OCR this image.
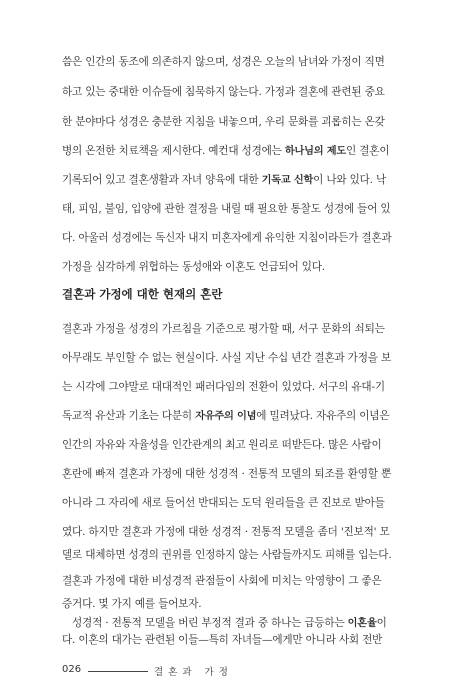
씀은 인간의 동조에 의존하지 않으며, 성경은 오늘의 남녀와 가정이 직면
하고 있는 중대한 이슈들에 침묵하지 않는다. 가정과 결혼에 관련된 중요
한 분야마다 성경은 충분한 지침을 내놓으며, 우리 문화를 괴롭히는 온갖
병의 온전한 치료책을 제시한다. 예컨대 성경에는 하나님의 제도인 결혼이
기록되어 있고 결혼생활과 자녀 양육에 대한 기독교 신학이 나와 있다. 낙
태, 피임, 불임, 입양에 관한 결정을 내릴 때 필요한 통찰도 성경에 들어 있
다. 아울러 성경에는 독신자 내지 미혼자에게 유익한 지침이라든가 결혼과
가정을 심각하게 위협하는 동성애와 이혼도 언급되어 있다.
결혼과 가정에 대한 현재의 혼란
결혼과 가정을 성경의 가르침을 기준으로 평가할 때, 서구 문화의 쇠퇴는
아무래도 부인할 수 없는 현실이다. 사실 지난 수십 년간 결혼과 가정을 보
는 시각에 그야말로 대대적인 패러다임의 전환이 있었다. 서구의 유대-기
독교적 유산과 기초는 다분히 자유주의 이념에 밀려났다. 자유주의 이념은
인간의 자유와 자율성을 인간관계의 최고 원리로 떠받든다. 많은 사람이
혼란에 빠져 결혼과 가정에 대한 성경적 · 전통적 모델의 퇴조를 환영할 뿐
아니라 그 자리에 새로 들어선 반대되는 도덕 원리들을 큰 진보로 받아들
였다. 하지만 결혼과 가정에 대한 성경적 · 전통적 모델을 좀더 '진보적' 모
델로 대체하면 성경의 권위를 인정하지 않는 사람들까지도 피해를 입는다.
결혼과 가정에 대한 비성경적 관점들이 사회에 미치는 악영향이 그 좋은
026	결혼과 가정
증거다. 몇 가지 예를 들어보자.
성경적 · 전통적 모델을 버린 부정적 결과 중 하나는 급등하는 이혼율이
다. 이혼의 대가는 관련된 이들—특히 자녀들—에게만 아니라 사회 전반
